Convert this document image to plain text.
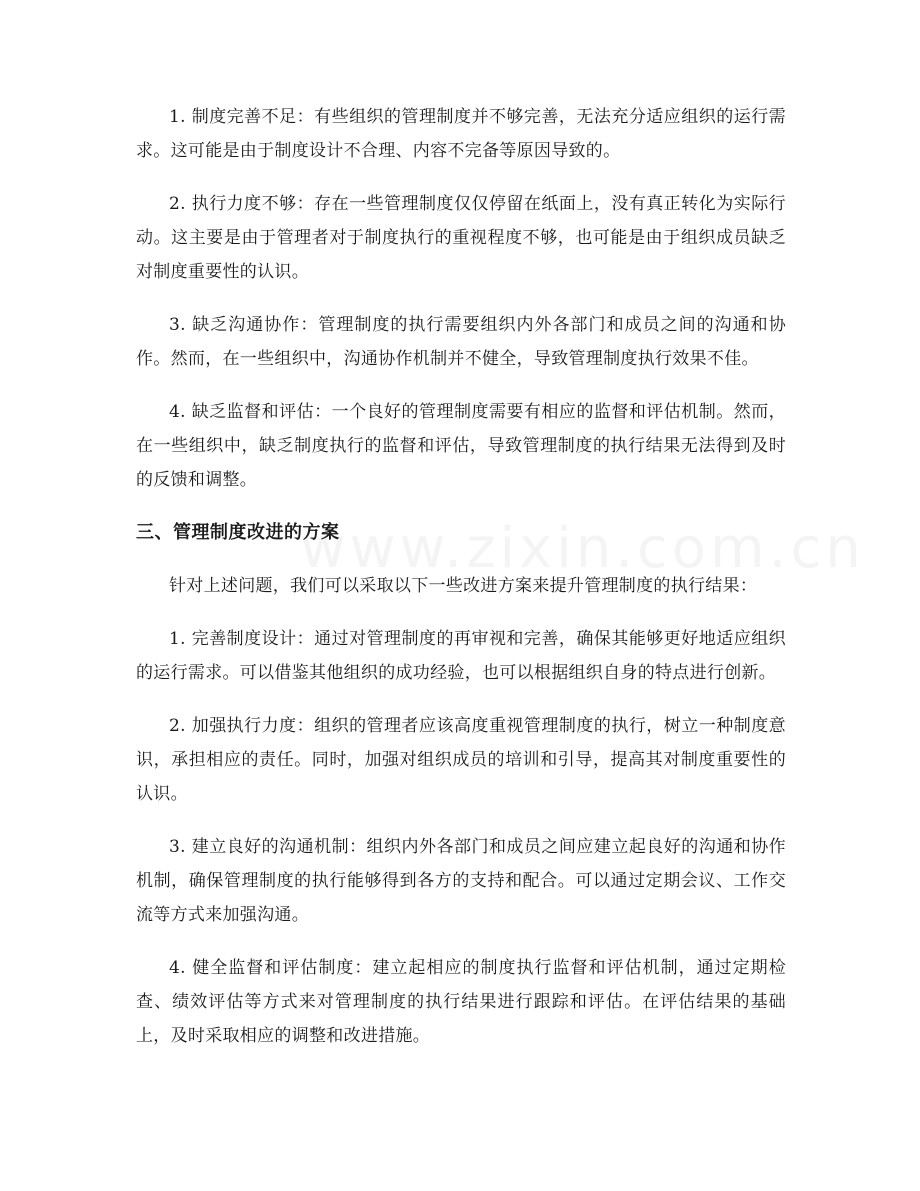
1. 制度完善不足：有些组织的管理制度并不够完善，无法充分适应组织的运行需求。这可能是由于制度设计不合理、内容不完备等原因导致的。

2. 执行力度不够：存在一些管理制度仅仅停留在纸面上，没有真正转化为实际行动。这主要是由于管理者对于制度执行的重视程度不够，也可能是由于组织成员缺乏对制度重要性的认识。

3. 缺乏沟通协作：管理制度的执行需要组织内外各部门和成员之间的沟通和协作。然而，在一些组织中，沟通协作机制并不健全，导致管理制度执行效果不佳。

4. 缺乏监督和评估：一个良好的管理制度需要有相应的监督和评估机制。然而，在一些组织中，缺乏制度执行的监督和评估，导致管理制度的执行结果无法得到及时的反馈和调整。

三、管理制度改进的方案

针对上述问题，我们可以采取以下一些改进方案来提升管理制度的执行结果：

1. 完善制度设计：通过对管理制度的再审视和完善，确保其能够更好地适应组织的运行需求。可以借鉴其他组织的成功经验，也可以根据组织自身的特点进行创新。

2. 加强执行力度：组织的管理者应该高度重视管理制度的执行，树立一种制度意识，承担相应的责任。同时，加强对组织成员的培训和引导，提高其对制度重要性的认识。

3. 建立良好的沟通机制：组织内外各部门和成员之间应建立起良好的沟通和协作机制，确保管理制度的执行能够得到各方的支持和配合。可以通过定期会议、工作交流等方式来加强沟通。

4. 健全监督和评估制度：建立起相应的制度执行监督和评估机制，通过定期检查、绩效评估等方式来对管理制度的执行结果进行跟踪和评估。在评估结果的基础上，及时采取相应的调整和改进措施。
